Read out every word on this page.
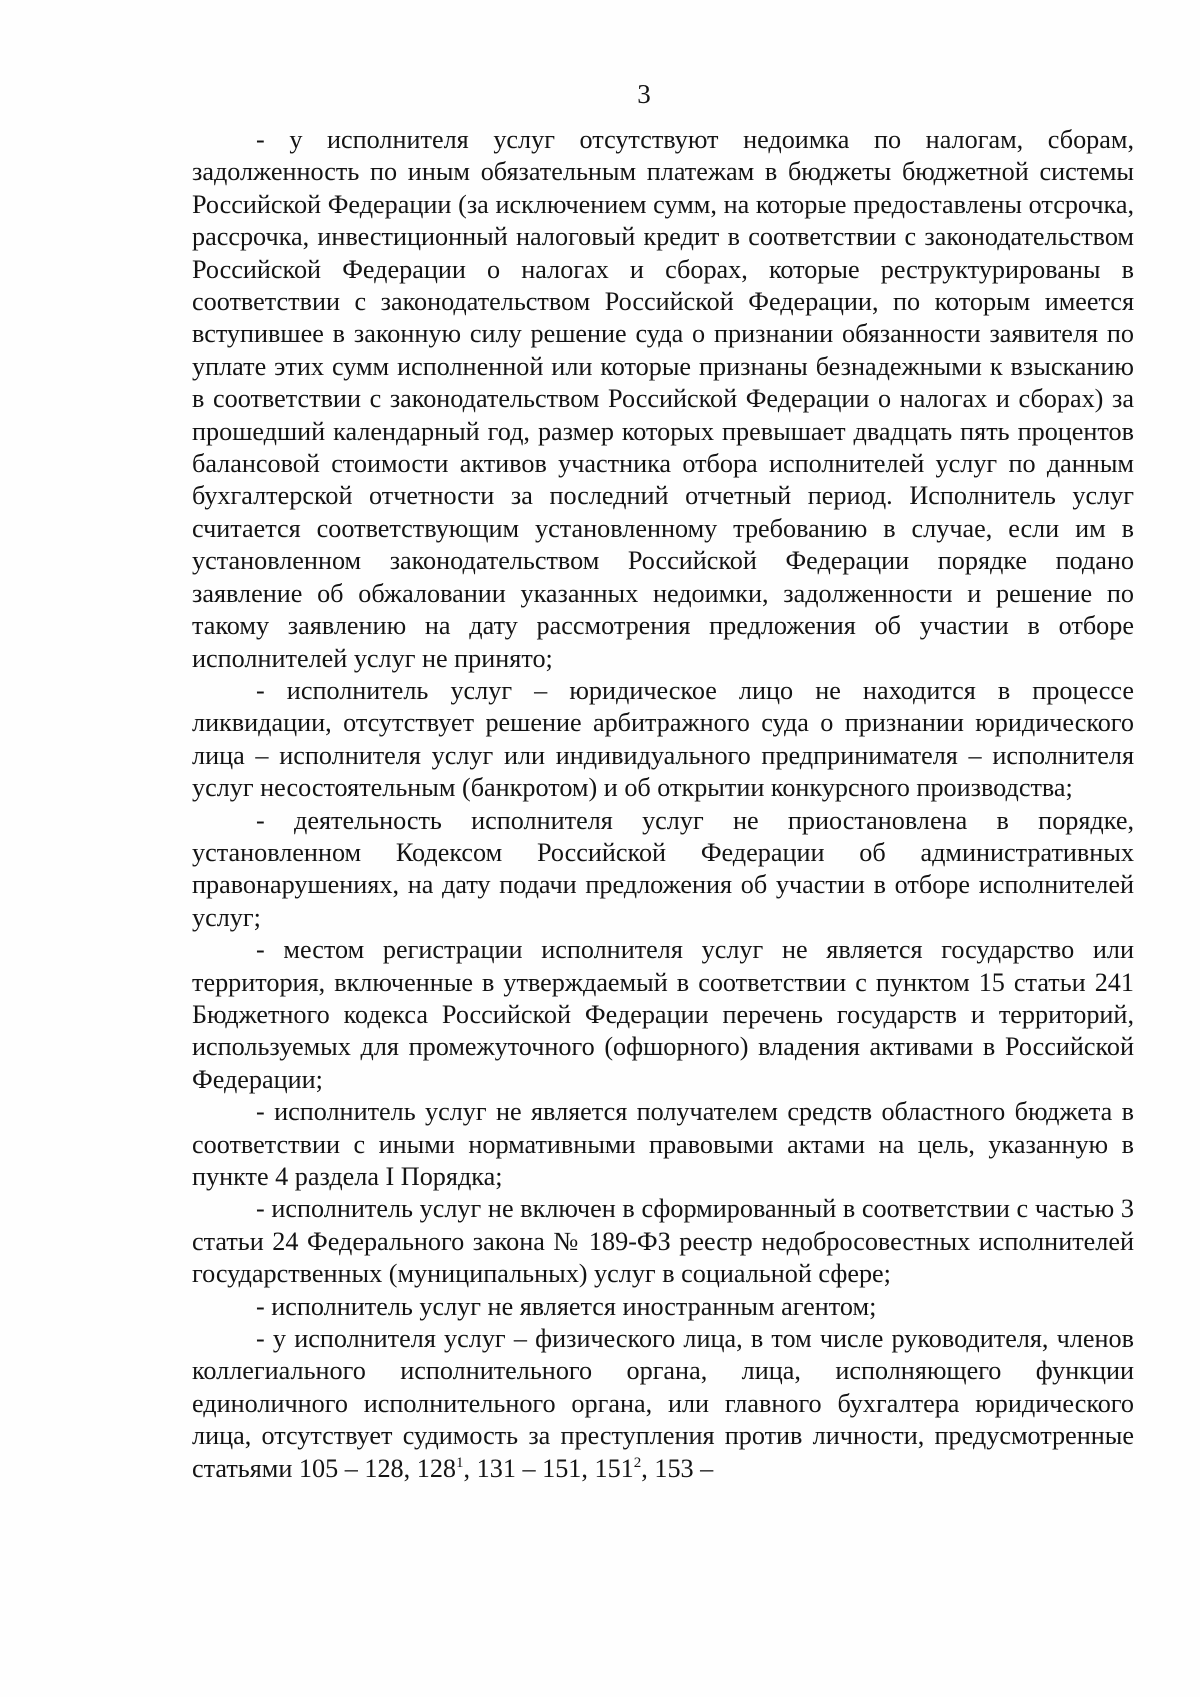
3

- у исполнителя услуг отсутствуют недоимка по налогам, сборам, задолженность по иным обязательным платежам в бюджеты бюджетной системы Российской Федерации (за исключением сумм, на которые предоставлены отсрочка, рассрочка, инвестиционный налоговый кредит в соответствии с законодательством Российской Федерации о налогах и сборах, которые реструктурированы в соответствии с законодательством Российской Федерации, по которым имеется вступившее в законную силу решение суда о признании обязанности заявителя по уплате этих сумм исполненной или которые признаны безнадежными к взысканию в соответствии с законодательством Российской Федерации о налогах и сборах) за прошедший календарный год, размер которых превышает двадцать пять процентов балансовой стоимости активов участника отбора исполнителей услуг по данным бухгалтерской отчетности за последний отчетный период. Исполнитель услуг считается соответствующим установленному требованию в случае, если им в установленном законодательством Российской Федерации порядке подано заявление об обжаловании указанных недоимки, задолженности и решение по такому заявлению на дату рассмотрения предложения об участии в отборе исполнителей услуг не принято;

- исполнитель услуг – юридическое лицо не находится в процессе ликвидации, отсутствует решение арбитражного суда о признании юридического лица – исполнителя услуг или индивидуального предпринимателя – исполнителя услуг несостоятельным (банкротом) и об открытии конкурсного производства;

- деятельность исполнителя услуг не приостановлена в порядке, установленном Кодексом Российской Федерации об административных правонарушениях, на дату подачи предложения об участии в отборе исполнителей услуг;

- местом регистрации исполнителя услуг не является государство или территория, включенные в утверждаемый в соответствии с пунктом 15 статьи 241 Бюджетного кодекса Российской Федерации перечень государств и территорий, используемых для промежуточного (офшорного) владения активами в Российской Федерации;

- исполнитель услуг не является получателем средств областного бюджета в соответствии с иными нормативными правовыми актами на цель, указанную в пункте 4 раздела I Порядка;

- исполнитель услуг не включен в сформированный в соответствии с частью 3 статьи 24 Федерального закона № 189-ФЗ реестр недобросовестных исполнителей государственных (муниципальных) услуг в социальной сфере;

- исполнитель услуг не является иностранным агентом;

- у исполнителя услуг – физического лица, в том числе руководителя, членов коллегиального исполнительного органа, лица, исполняющего функции единоличного исполнительного органа, или главного бухгалтера юридического лица, отсутствует судимость за преступления против личности, предусмотренные статьями 105 – 128, $128^1$, 131 – 151, $151^2$, 153 –
